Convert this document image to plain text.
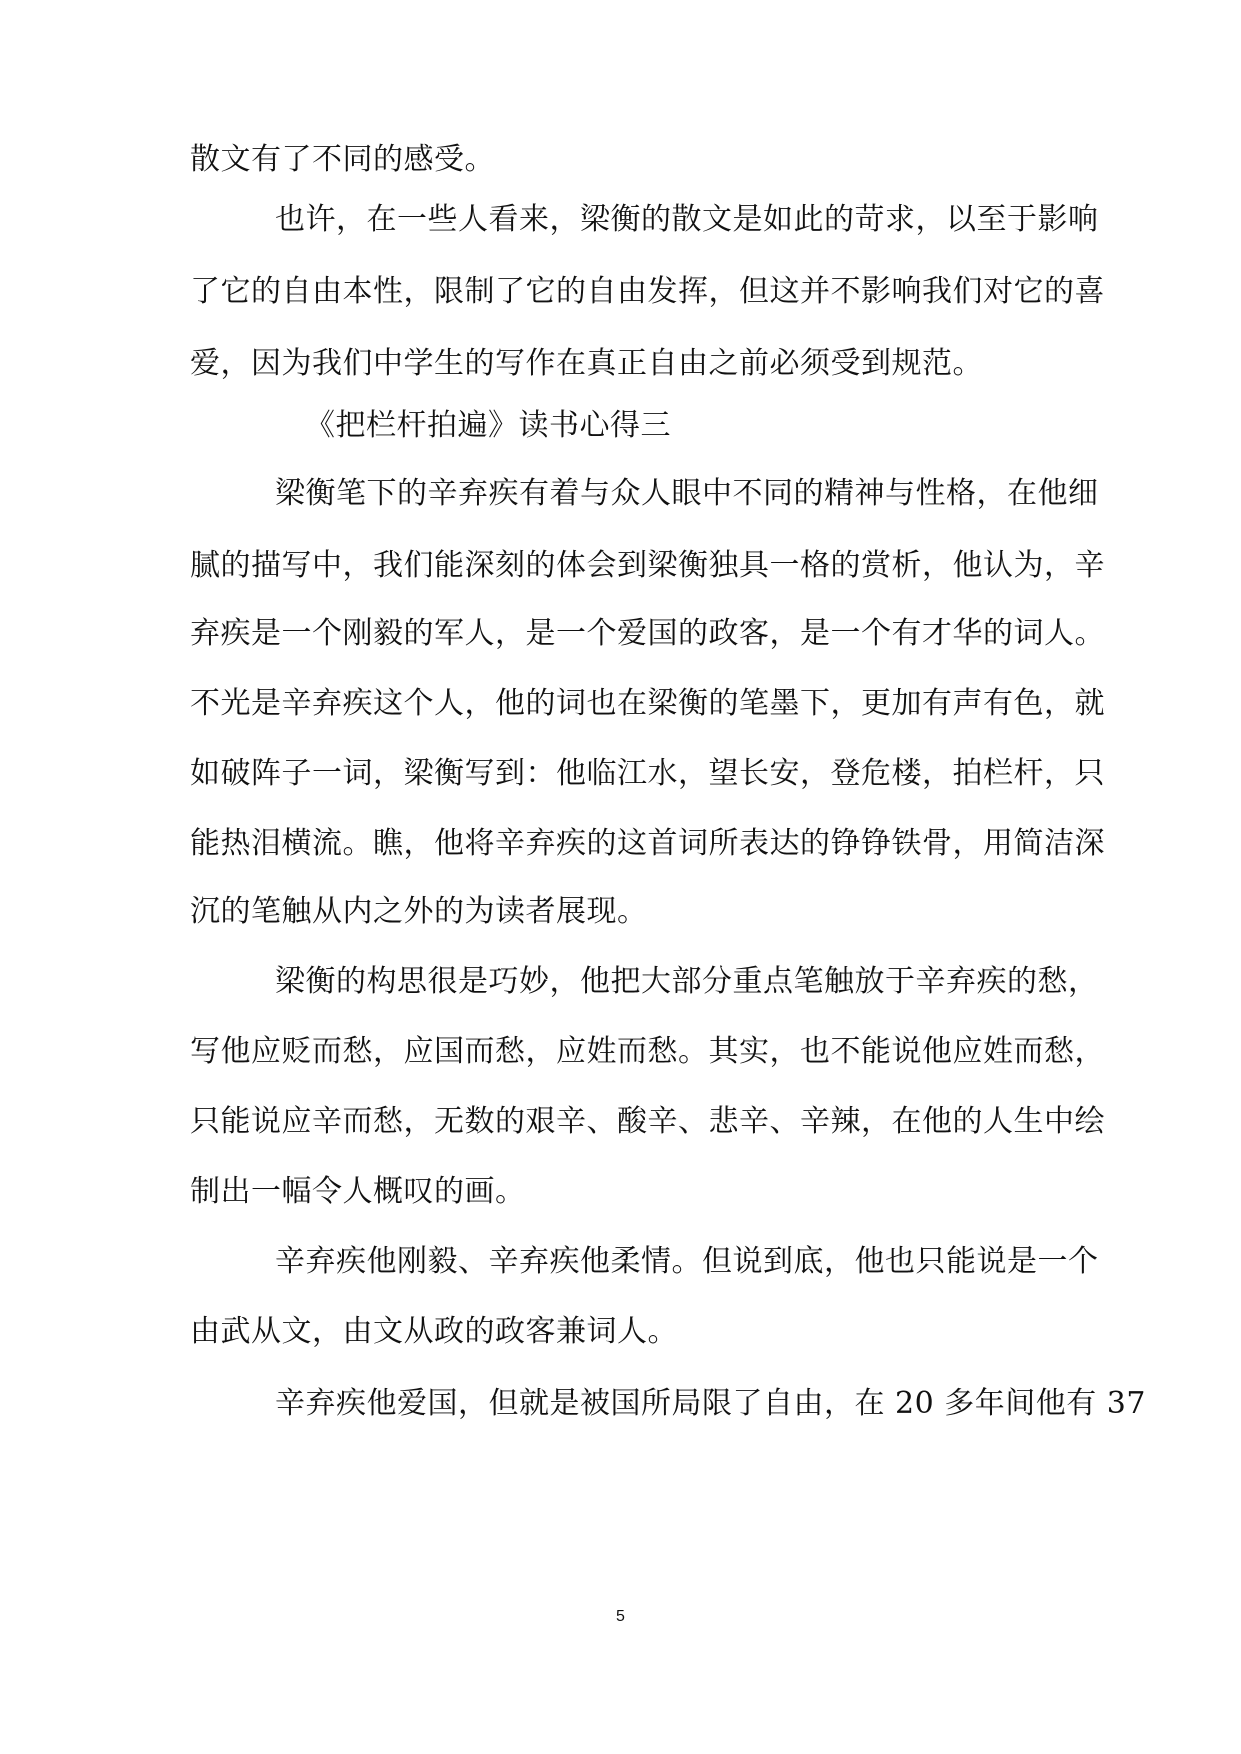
散文有了不同的感受。
也许，在一些人看来，梁衡的散文是如此的苛求，以至于影响
了它的自由本性，限制了它的自由发挥，但这并不影响我们对它的喜
爱，因为我们中学生的写作在真正自由之前必须受到规范。
《把栏杆拍遍》读书心得三
梁衡笔下的辛弃疾有着与众人眼中不同的精神与性格，在他细
腻的描写中，我们能深刻的体会到梁衡独具一格的赏析，他认为，辛
弃疾是一个刚毅的军人，是一个爱国的政客，是一个有才华的词人。
不光是辛弃疾这个人，他的词也在梁衡的笔墨下，更加有声有色，就
如破阵子一词，梁衡写到：他临江水，望长安，登危楼，拍栏杆，只
能热泪横流。瞧，他将辛弃疾的这首词所表达的铮铮铁骨，用简洁深
沉的笔触从内之外的为读者展现。
梁衡的构思很是巧妙，他把大部分重点笔触放于辛弃疾的愁，
写他应贬而愁，应国而愁，应姓而愁。其实，也不能说他应姓而愁，
只能说应辛而愁，无数的艰辛、酸辛、悲辛、辛辣，在他的人生中绘
制出一幅令人概叹的画。
辛弃疾他刚毅、辛弃疾他柔情。但说到底，他也只能说是一个
由武从文，由文从政的政客兼词人。
辛弃疾他爱国，但就是被国所局限了自由，在 20 多年间他有 37
5
